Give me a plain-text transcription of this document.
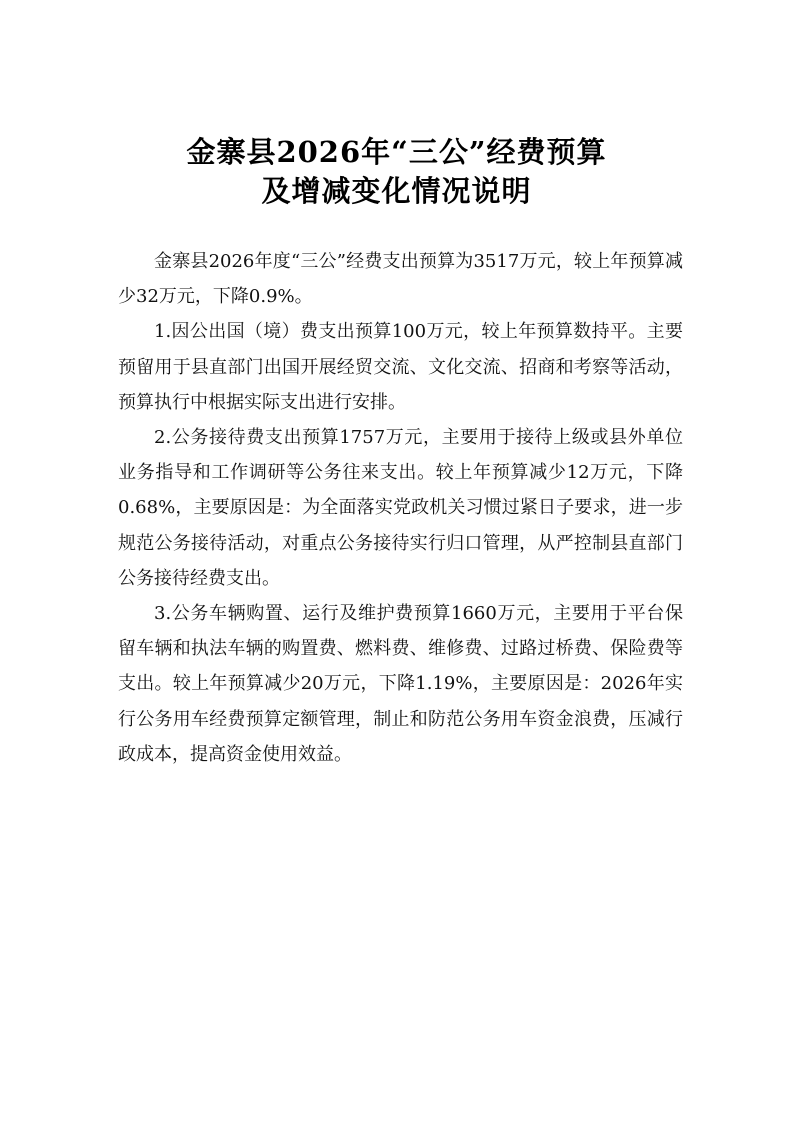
金寨县2026年“三公”经费预算
及增减变化情况说明

金寨县2026年度“三公”经费支出预算为3517万元，较上年预算减少32万元，下降0.9%。

1.因公出国（境）费支出预算100万元，较上年预算数持平。主要预留用于县直部门出国开展经贸交流、文化交流、招商和考察等活动，预算执行中根据实际支出进行安排。

2.公务接待费支出预算1757万元，主要用于接待上级或县外单位业务指导和工作调研等公务往来支出。较上年预算减少12万元，下降0.68%，主要原因是：为全面落实党政机关习惯过紧日子要求，进一步规范公务接待活动，对重点公务接待实行归口管理，从严控制县直部门公务接待经费支出。

3.公务车辆购置、运行及维护费预算1660万元，主要用于平台保留车辆和执法车辆的购置费、燃料费、维修费、过路过桥费、保险费等支出。较上年预算减少20万元，下降1.19%，主要原因是：2026年实行公务用车经费预算定额管理，制止和防范公务用车资金浪费，压减行政成本，提高资金使用效益。
